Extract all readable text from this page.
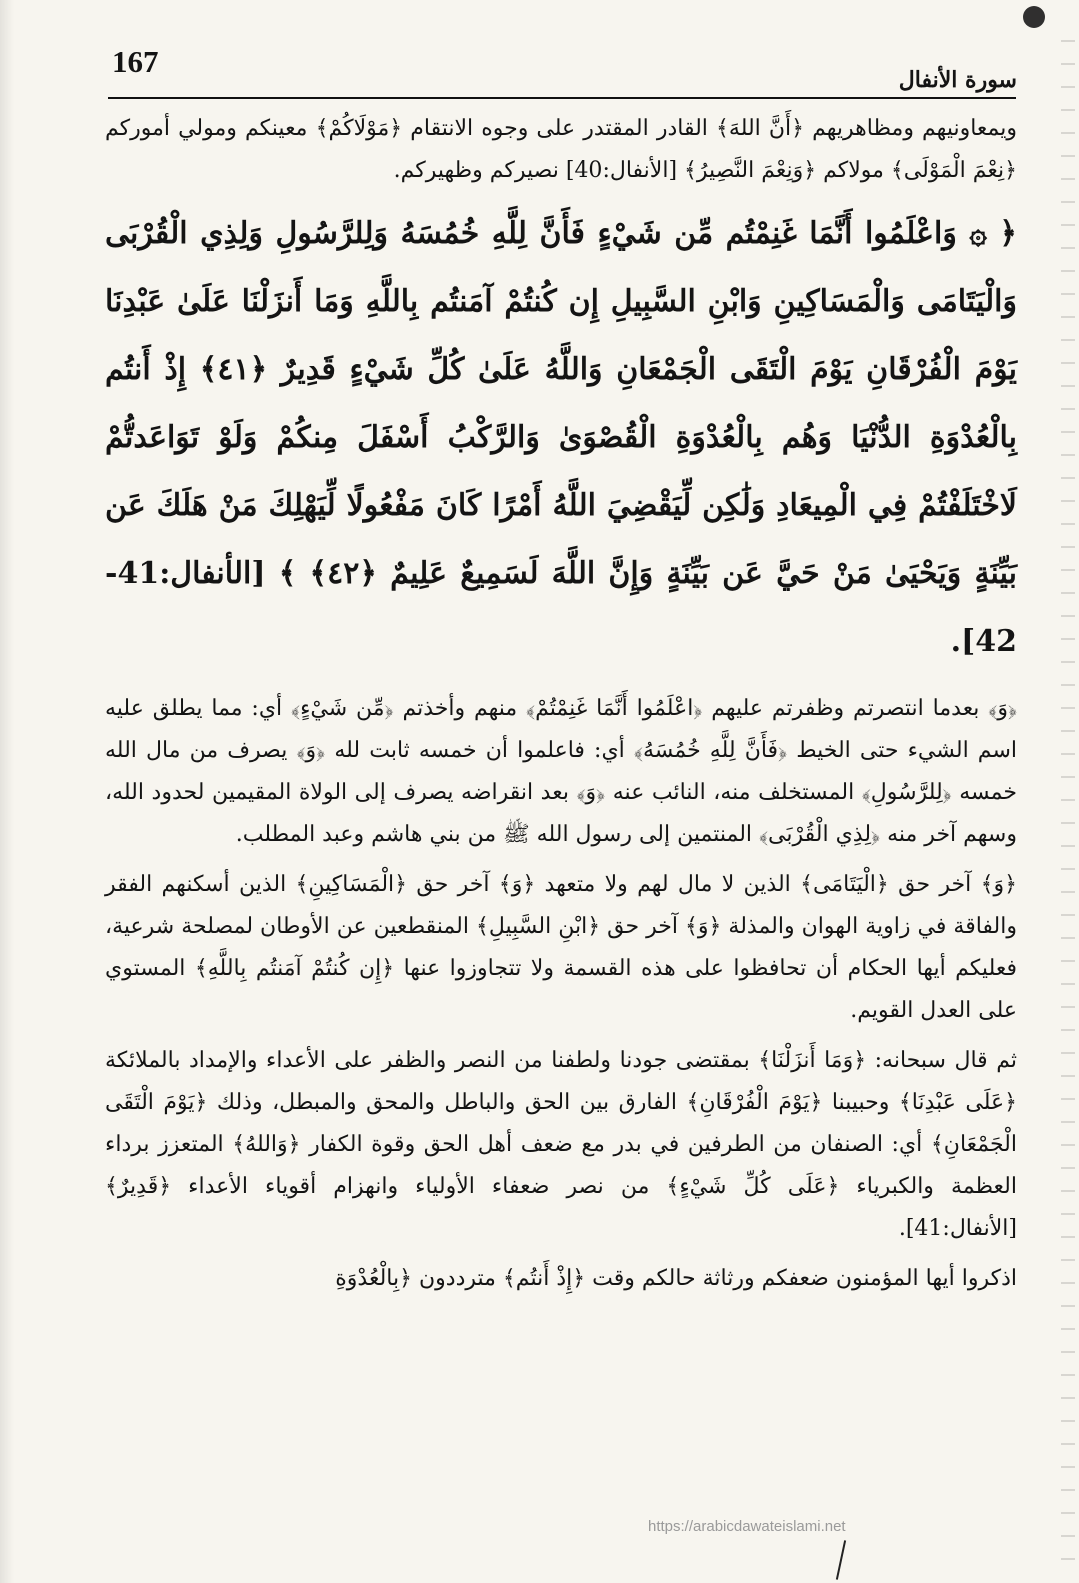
167
سورة الأنفال

ويمعاونيهم ومظاهريهم ﴿أَنَّ اللهَ﴾ القادر المقتدر على وجوه الانتقام ﴿مَوْلَاكُمْ﴾ معينكم ومولي أموركم ﴿نِعْمَ الْمَوْلَى﴾ مولاكم ﴿وَنِعْمَ النَّصِيرُ﴾ [الأنفال:40] نصيركم وظهيركم.

﴿ ۞ وَاعْلَمُوا أَنَّمَا غَنِمْتُم مِّن شَيْءٍ فَأَنَّ لِلَّهِ خُمُسَهُ وَلِلرَّسُولِ وَلِذِي الْقُرْبَى وَالْيَتَامَى وَالْمَسَاكِينِ وَابْنِ السَّبِيلِ إِن كُنتُمْ آمَنتُم بِاللَّهِ وَمَا أَنزَلْنَا عَلَىٰ عَبْدِنَا يَوْمَ الْفُرْقَانِ يَوْمَ الْتَقَى الْجَمْعَانِ وَاللَّهُ عَلَىٰ كُلِّ شَيْءٍ قَدِيرٌ ﴿٤١﴾ إِذْ أَنتُم بِالْعُدْوَةِ الدُّنْيَا وَهُم بِالْعُدْوَةِ الْقُصْوَىٰ وَالرَّكْبُ أَسْفَلَ مِنكُمْ وَلَوْ تَوَاعَدتُّمْ لَاخْتَلَفْتُمْ فِي الْمِيعَادِ وَلَٰكِن لِّيَقْضِيَ اللَّهُ أَمْرًا كَانَ مَفْعُولًا لِّيَهْلِكَ مَنْ هَلَكَ عَن بَيِّنَةٍ وَيَحْيَىٰ مَنْ حَيَّ عَن بَيِّنَةٍ وَإِنَّ اللَّهَ لَسَمِيعٌ عَلِيمٌ ﴿٤٢﴾ ﴾ [الأنفال:41-42].

﴿وَ﴾ بعدما انتصرتم وظفرتم عليهم ﴿اعْلَمُوا أَنَّمَا غَنِمْتُمْ﴾ منهم وأخذتم ﴿مِّن شَيْءٍ﴾ أي: مما يطلق عليه اسم الشيء حتى الخيط ﴿فَأَنَّ لِلَّهِ خُمُسَهُ﴾ أي: فاعلموا أن خمسه ثابت لله ﴿وَ﴾ يصرف من مال الله خمسه ﴿لِلرَّسُولِ﴾ المستخلف منه، النائب عنه ﴿وَ﴾ بعد انقراضه يصرف إلى الولاة المقيمين لحدود الله، وسهم آخر منه ﴿لِذِي الْقُرْبَى﴾ المنتمين إلى رسول الله ﷺ من بني هاشم وعبد المطلب.

﴿وَ﴾ آخر حق ﴿الْيَتَامَى﴾ الذين لا مال لهم ولا متعهد ﴿وَ﴾ آخر حق ﴿الْمَسَاكِينِ﴾ الذين أسكنهم الفقر والفاقة في زاوية الهوان والمذلة ﴿وَ﴾ آخر حق ﴿ابْنِ السَّبِيلِ﴾ المنقطعين عن الأوطان لمصلحة شرعية، فعليكم أيها الحكام أن تحافظوا على هذه القسمة ولا تتجاوزوا عنها ﴿إِن كُنتُمْ آمَنتُم بِاللَّهِ﴾ المستوي على العدل القويم.

ثم قال سبحانه: ﴿وَمَا أَنزَلْنَا﴾ بمقتضى جودنا ولطفنا من النصر والظفر على الأعداء والإمداد بالملائكة ﴿عَلَى عَبْدِنَا﴾ وحبيبنا ﴿يَوْمَ الْفُرْقَانِ﴾ الفارق بين الحق والباطل والمحق والمبطل، وذلك ﴿يَوْمَ الْتَقَى الْجَمْعَانِ﴾ أي: الصنفان من الطرفين في بدر مع ضعف أهل الحق وقوة الكفار ﴿وَاللهُ﴾ المتعزز برداء العظمة والكبرياء ﴿عَلَى كُلِّ شَيْءٍ﴾ من نصر ضعفاء الأولياء وانهزام أقوياء الأعداء ﴿قَدِيرٌ﴾ [الأنفال:41].

اذكروا أيها المؤمنون ضعفكم ورثاثة حالكم وقت ﴿إِذْ أَنتُم﴾ مترددون ﴿بِالْعُدْوَةِ

https://arabicdawateislami.net
